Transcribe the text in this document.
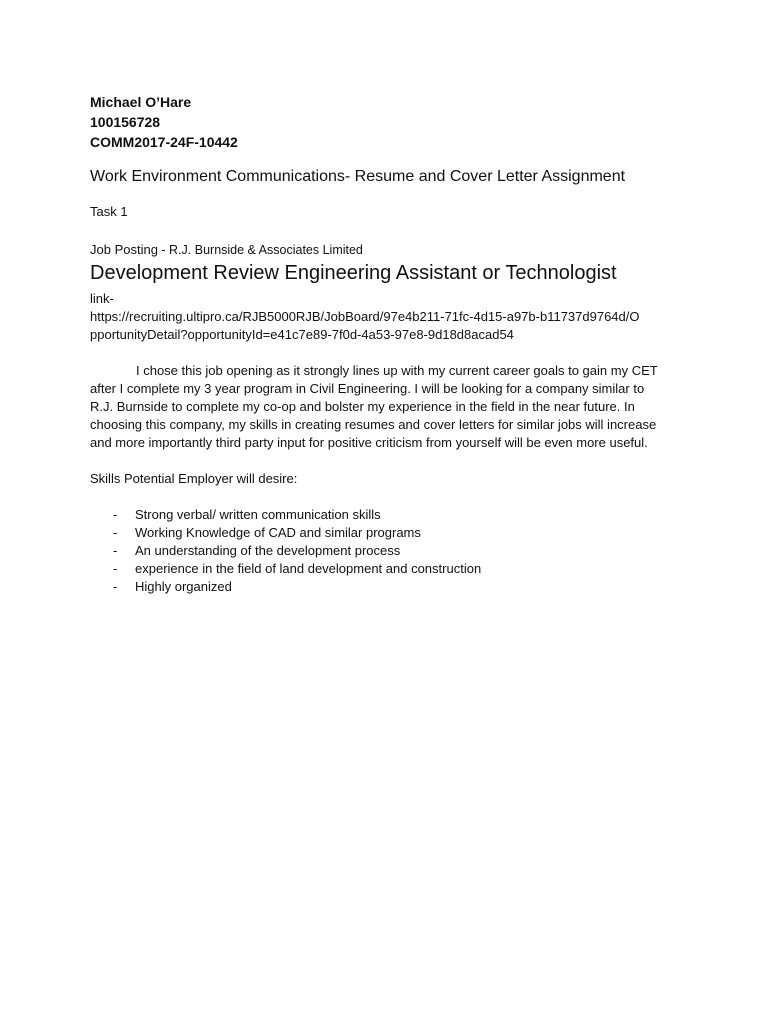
Michael O’Hare
100156728
COMM2017-24F-10442
Work Environment Communications- Resume and Cover Letter Assignment
Task 1
Job Posting - R.J. Burnside & Associates Limited
Development Review Engineering Assistant or Technologist
link-
https://recruiting.ultipro.ca/RJB5000RJB/JobBoard/97e4b211-71fc-4d15-a97b-b11737d9764d/O
pportunityDetail?opportunityId=e41c7e89-7f0d-4a53-97e8-9d18d8acad54
I chose this job opening as it strongly lines up with my current career goals to gain my CET after I complete my 3 year program in Civil Engineering. I will be looking for a company similar to R.J. Burnside to complete my co-op and bolster my experience in the field in the near future. In choosing this company, my skills in creating resumes and cover letters for similar jobs will increase and more importantly third party input for positive criticism from yourself will be even more useful.
Skills Potential Employer will desire:
-	Strong verbal/ written communication skills
-	Working Knowledge of CAD and similar programs
-	An understanding of the development process
-	experience in the field of land development and construction
-	Highly organized
